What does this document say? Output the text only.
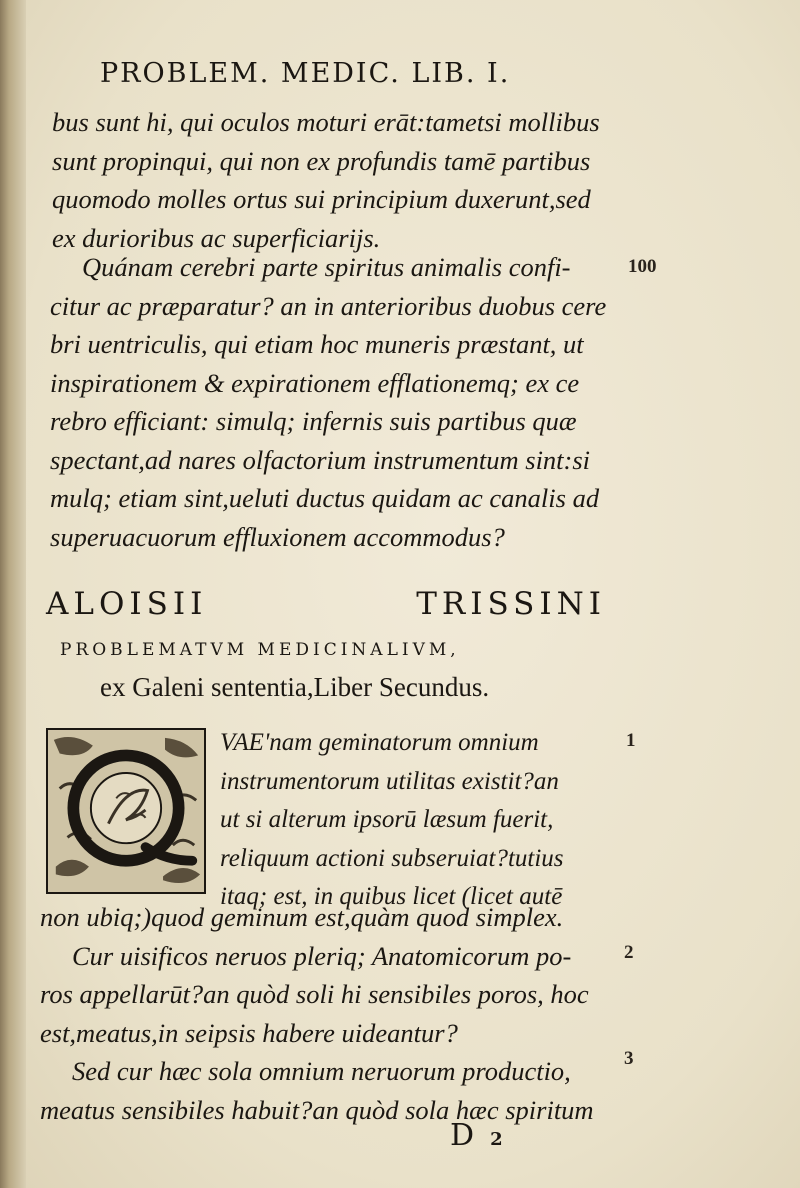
PROBLEM. MEDIC. LIB. I.
bus sunt hi, qui oculos moturi erāt:tametsi mollibus
sunt propinqui, qui non ex profundis tamē partibus
quomodo molles ortus sui principium duxerunt,sed
ex durioribus ac superficiarijs.
Quánam cerebri parte spiritus animalis confi-
citur ac præparatur? an in anterioribus duobus cere
bri uentriculis, qui etiam hoc muneris præstant, ut
inspirationem & expirationem efflationemq; ex ce
rebro efficiant: simulq; infernis suis partibus quæ
spectant,ad nares olfactorium instrumentum sint:si
mulq; etiam sint,ueluti ductus quidam ac canalis ad
superuacuorum effluxionem accommodus?
100
ALOISII	TRISSINI
PROBLEMATVM MEDICINALIVM,
ex Galeni sententia,Liber Secundus.
VAE'nam geminatorum omnium
instrumentorum utilitas existit?an
ut si alterum ipsorū læsum fuerit,
reliquum actioni subseruiat?tutius
itaq; est, in quibus licet (licet autē
1
non ubiq;)quod geminum est,quàm quod simplex.
Cur uisificos neruos pleriq; Anatomicorum po-
ros appellarūt?an quòd soli hi sensibiles poros, hoc
est,meatus,in seipsis habere uideantur?
Sed cur hæc sola omnium neruorum productio,
meatus sensibiles habuit?an quòd sola hæc spiritum
2
3
D 2
